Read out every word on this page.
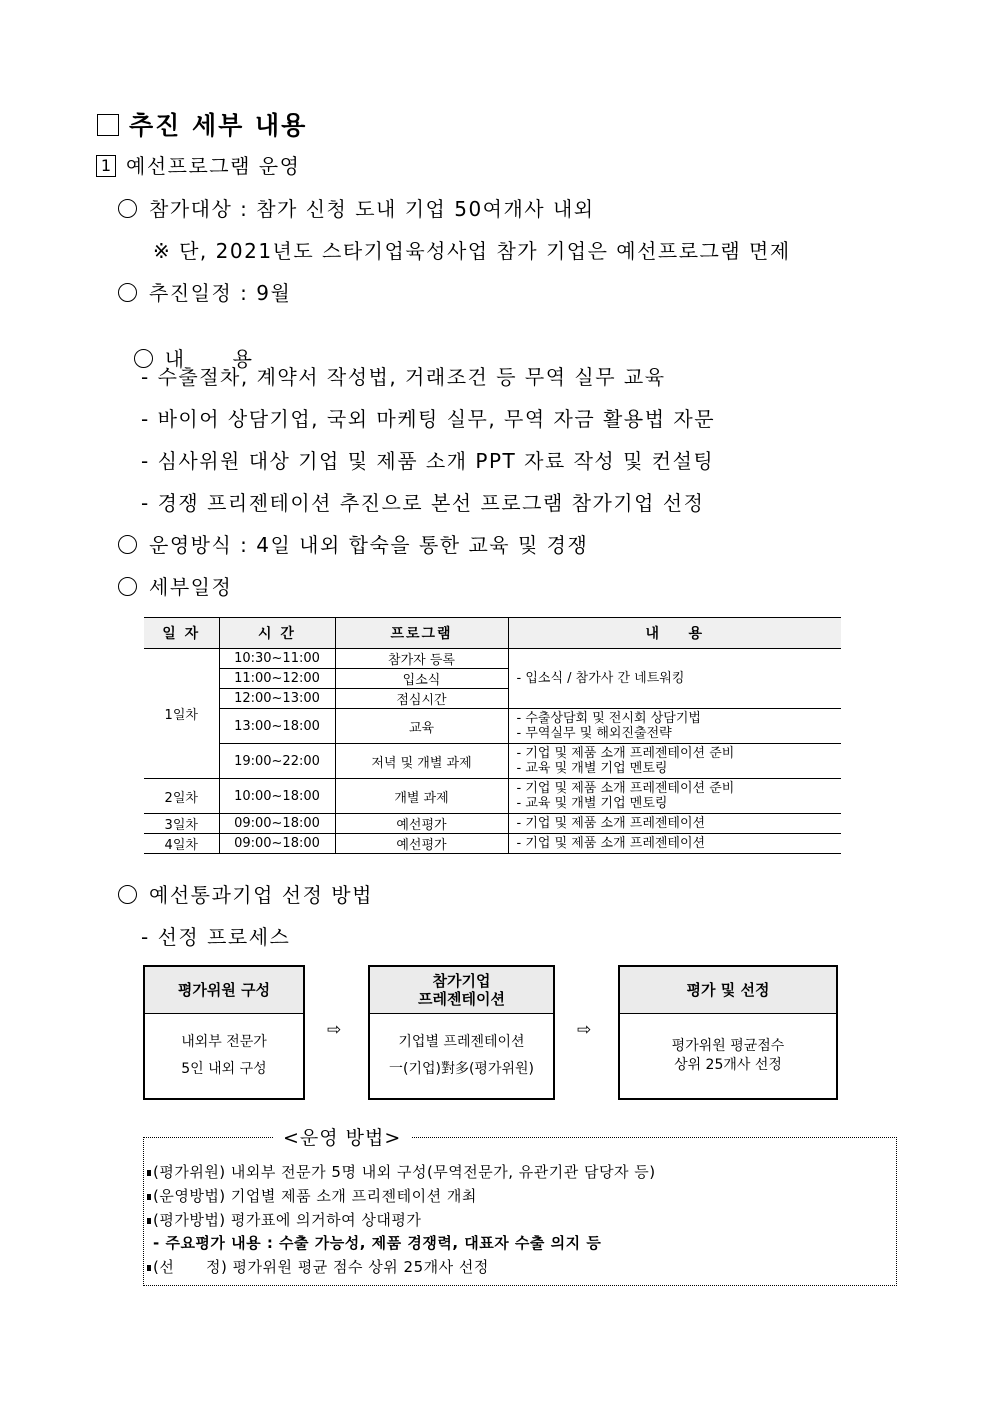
추진 세부 내용
1 예선프로그램 운영
참가대상 : 참가 신청 도내 기업 50여개사 내외
※ 단, 2021년도 스타기업육성사업 참가 기업은 예선프로그램 면제
추진일정 : 9월

내      용

- 수출절차, 계약서 작성법, 거래조건 등 무역 실무 교육
- 바이어 상담기업, 국외 마케팅 실무, 무역 자금 활용법 자문
- 심사위원 대상 기업 및 제품 소개 PPT 자료 작성 및 컨설팅
- 경쟁 프리젠테이션 추진으로 본선 프로그램 참가기업 선정
운영방식 : 4일 내외 합숙을 통한 교육 및 경쟁
세부일정
일 자	시 간	프로그램	내    용
1일차	10:30~11:00	참가자 등록	- 입소식 / 참가사 간 네트워킹
	11:00~12:00	입소식	
	12:00~13:00	점심시간	
	13:00~18:00	교육	- 수출상담회 및 전시회 상담기법
- 무역실무 및 해외진출전략

	19:00~22:00	저녁 및 개별 과제	- 기업 및 제품 소개 프레젠테이션 준비
- 교육 및 개별 기업 멘토링

2일차	10:00~18:00	개별 과제	- 기업 및 제품 소개 프레젠테이션 준비
- 교육 및 개별 기업 멘토링

3일차	09:00~18:00	예선평가	- 기업 및 제품 소개 프레젠테이션
4일차	09:00~18:00	예선평가	- 기업 및 제품 소개 프레젠테이션
예선통과기업 선정 방법
- 선정 프로세스
평가위원 구성
내외부 전문가
5인 내외 구성
⇨
참가기업
프레젠테이션
기업별 프레젠테이션
一(기업)對多(평가위원)
⇨
평가 및 선정
평가위원 평균점수
상위 25개사 선정
<운영 방법>
(평가위원) 내외부 전문가 5명 내외 구성(무역전문가, 유관기관 담당자 등)
(운영방법) 기업별 제품 소개 프리젠테이션 개최
(평가방법) 평가표에 의거하여 상대평가
- 주요평가 내용 : 수출 가능성, 제품 경쟁력, 대표자 수출 의지 등
(선      정) 평가위원 평균 점수 상위 25개사 선정
